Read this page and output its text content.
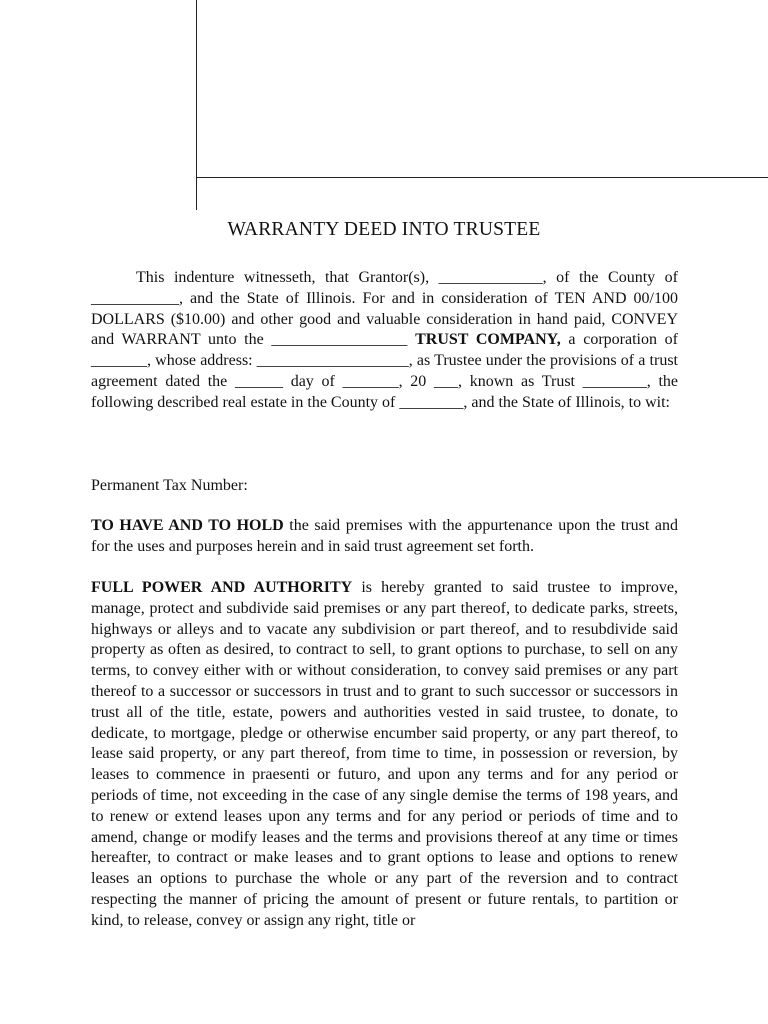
WARRANTY DEED INTO TRUSTEE

This indenture witnesseth, that Grantor(s), _____________, of the County of ___________, and the State of Illinois. For and in consideration of TEN AND 00/100 DOLLARS ($10.00) and other good and valuable consideration in hand paid, CONVEY and WARRANT unto the _________________ TRUST COMPANY, a corporation of _______, whose address: ___________________, as Trustee under the provisions of a trust agreement dated the ______ day of _______, 20 ___, known as Trust ________, the following described real estate in the County of ________, and the State of Illinois, to wit:

Permanent Tax Number:

TO HAVE AND TO HOLD the said premises with the appurtenance upon the trust and for the uses and purposes herein and in said trust agreement set forth.

FULL POWER AND AUTHORITY is hereby granted to said trustee to improve, manage, protect and subdivide said premises or any part thereof, to dedicate parks, streets, highways or alleys and to vacate any subdivision or part thereof, and to resubdivide said property as often as desired, to contract to sell, to grant options to purchase, to sell on any terms, to convey either with or without consideration, to convey said premises or any part thereof to a successor or successors in trust and to grant to such successor or successors in trust all of the title, estate, powers and authorities vested in said trustee, to donate, to dedicate, to mortgage, pledge or otherwise encumber said property, or any part thereof, to lease said property, or any part thereof, from time to time, in possession or reversion, by leases to commence in praesenti or futuro, and upon any terms and for any period or periods of time, not exceeding in the case of any single demise the terms of 198 years, and to renew or extend leases upon any terms and for any period or periods of time and to amend, change or modify leases and the terms and provisions thereof at any time or times hereafter, to contract or make leases and to grant options to lease and options to renew leases an options to purchase the whole or any part of the reversion and to contract respecting the manner of pricing the amount of present or future rentals, to partition or kind, to release, convey or assign any right, title or
